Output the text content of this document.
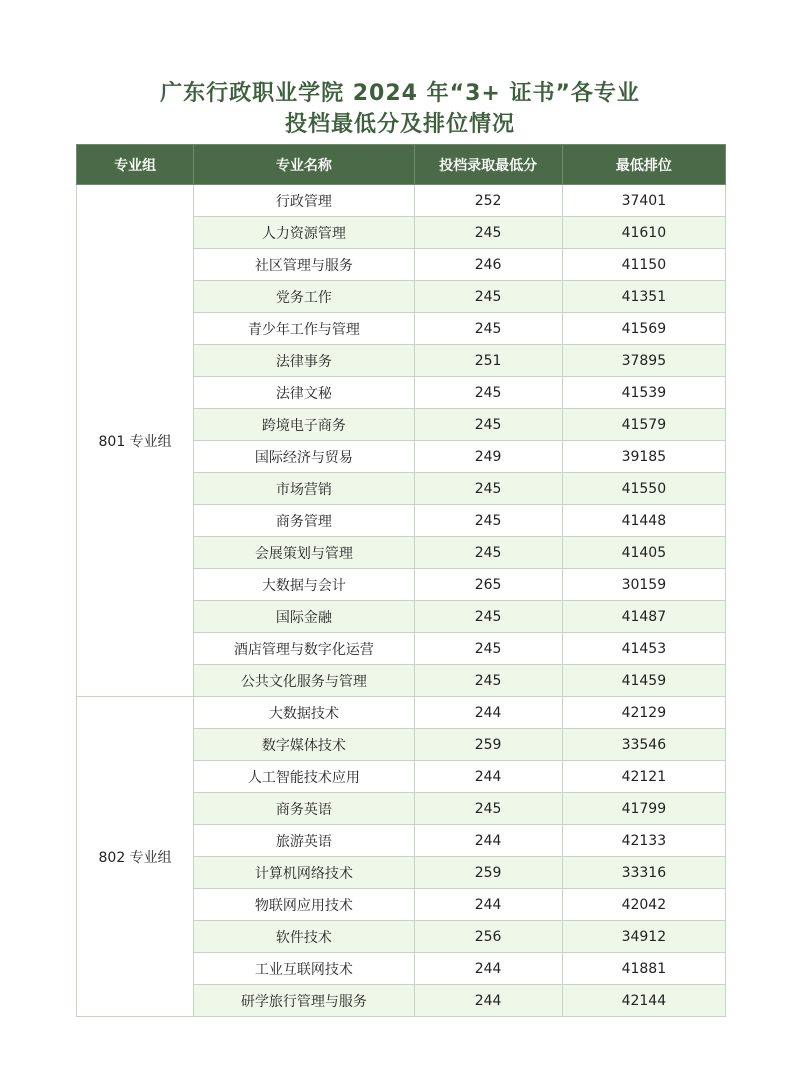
广东行政职业学院 2024 年“3+ 证书”各专业
投档最低分及排位情况
专业组	专业名称	投档录取最低分	最低排位
801 专业组	行政管理	252	37401
	人力资源管理	245	41610
	社区管理与服务	246	41150
	党务工作	245	41351
	青少年工作与管理	245	41569
	法律事务	251	37895
	法律文秘	245	41539
	跨境电子商务	245	41579
	国际经济与贸易	249	39185
	市场营销	245	41550
	商务管理	245	41448
	会展策划与管理	245	41405
	大数据与会计	265	30159
	国际金融	245	41487
	酒店管理与数字化运营	245	41453
	公共文化服务与管理	245	41459
802 专业组	大数据技术	244	42129
	数字媒体技术	259	33546
	人工智能技术应用	244	42121
	商务英语	245	41799
	旅游英语	244	42133
	计算机网络技术	259	33316
	物联网应用技术	244	42042
	软件技术	256	34912
	工业互联网技术	244	41881
	研学旅行管理与服务	244	42144
